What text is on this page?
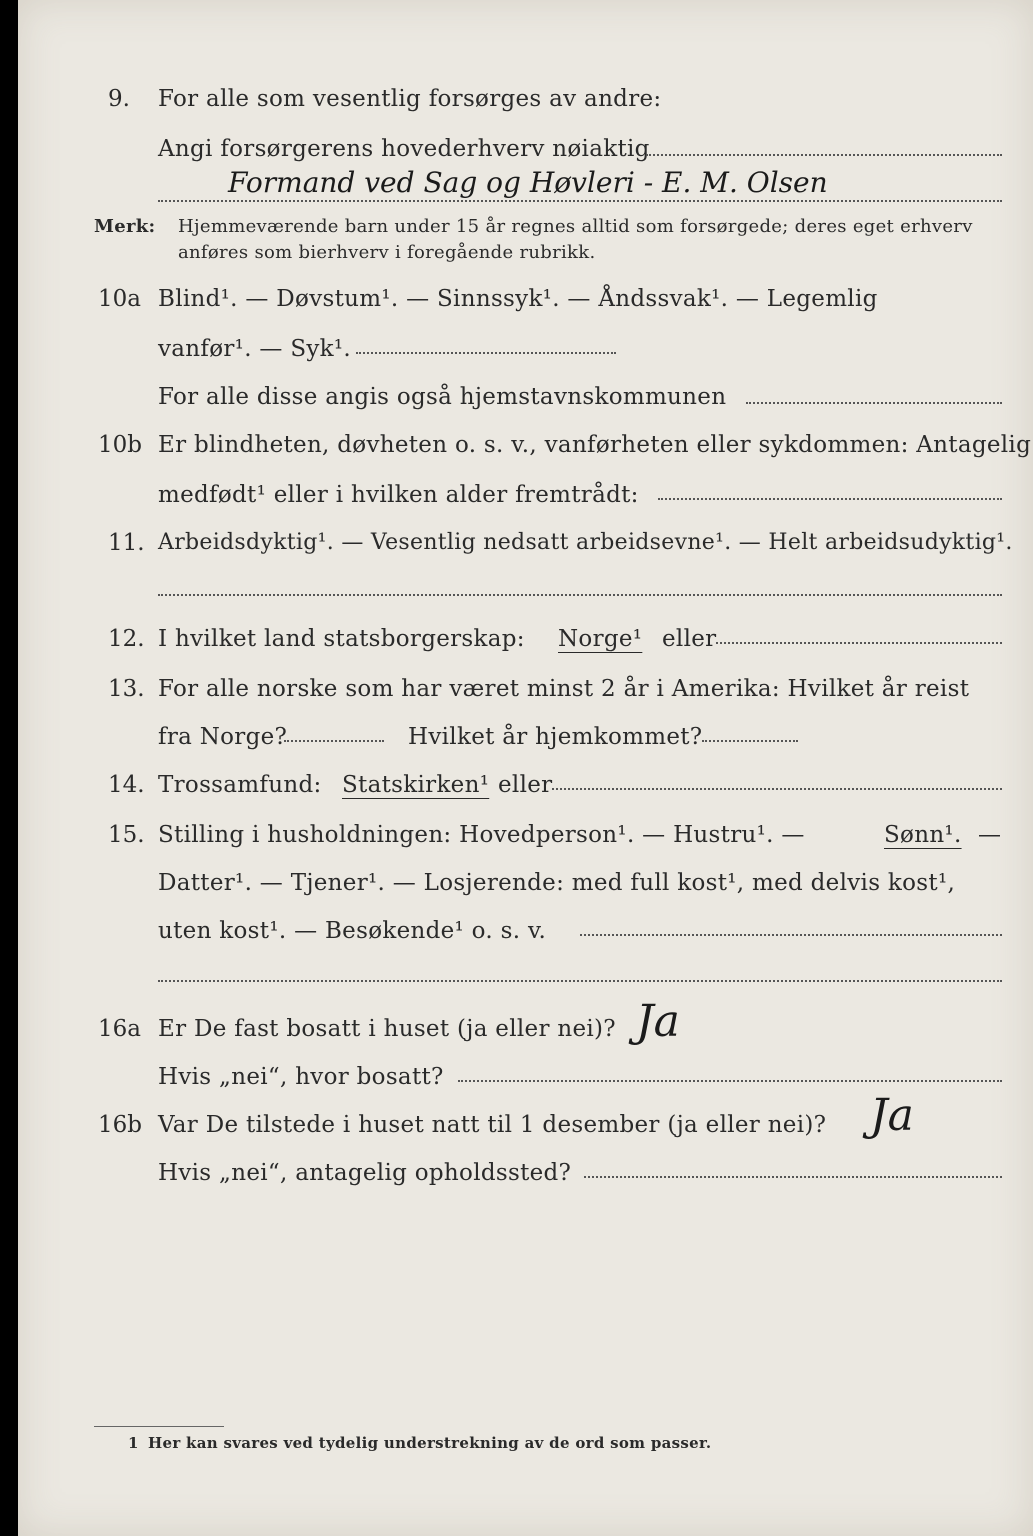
9. For alle som vesentlig forsørges av andre:
Angi forsørgerens hovederhverv nøiaktig
Formand ved Sag og Høvleri - E. M. Olsen
Merk: Hjemmeværende barn under 15 år regnes alltid som forsørgede; deres eget erhverv
anføres som bierhverv i foregående rubrikk.
10a Blind¹. — Døvstum¹. — Sinnssyk¹. — Åndssvak¹. — Legemlig
vanfør¹. — Syk¹.
For alle disse angis også hjemstavnskommunen
10b Er blindheten, døvheten o. s. v., vanførheten eller sykdommen: Antagelig
medfødt¹ eller i hvilken alder fremtrådt:
11. Arbeidsdyktig¹. — Vesentlig nedsatt arbeidsevne¹. — Helt arbeidsudyktig¹.
12. I hvilket land statsborgerskap: Norge¹ eller
13. For alle norske som har været minst 2 år i Amerika: Hvilket år reist
fra Norge?	Hvilket år hjemkommet?
14. Trossamfund: Statskirken¹ eller
15. Stilling i husholdningen: Hovedperson¹. — Hustru¹. —	Sønn¹. —
Datter¹. — Tjener¹. — Losjerende: med full kost¹, med delvis kost¹,
uten kost¹. — Besøkende¹ o. s. v.
16a Er De fast bosatt i huset (ja eller nei)? Ja
Hvis „nei“, hvor bosatt?
16b Var De tilstede i huset natt til 1 desember (ja eller nei)? Ja
Hvis „nei“, antagelig opholdssted?
1 Her kan svares ved tydelig understrekning av de ord som passer.
